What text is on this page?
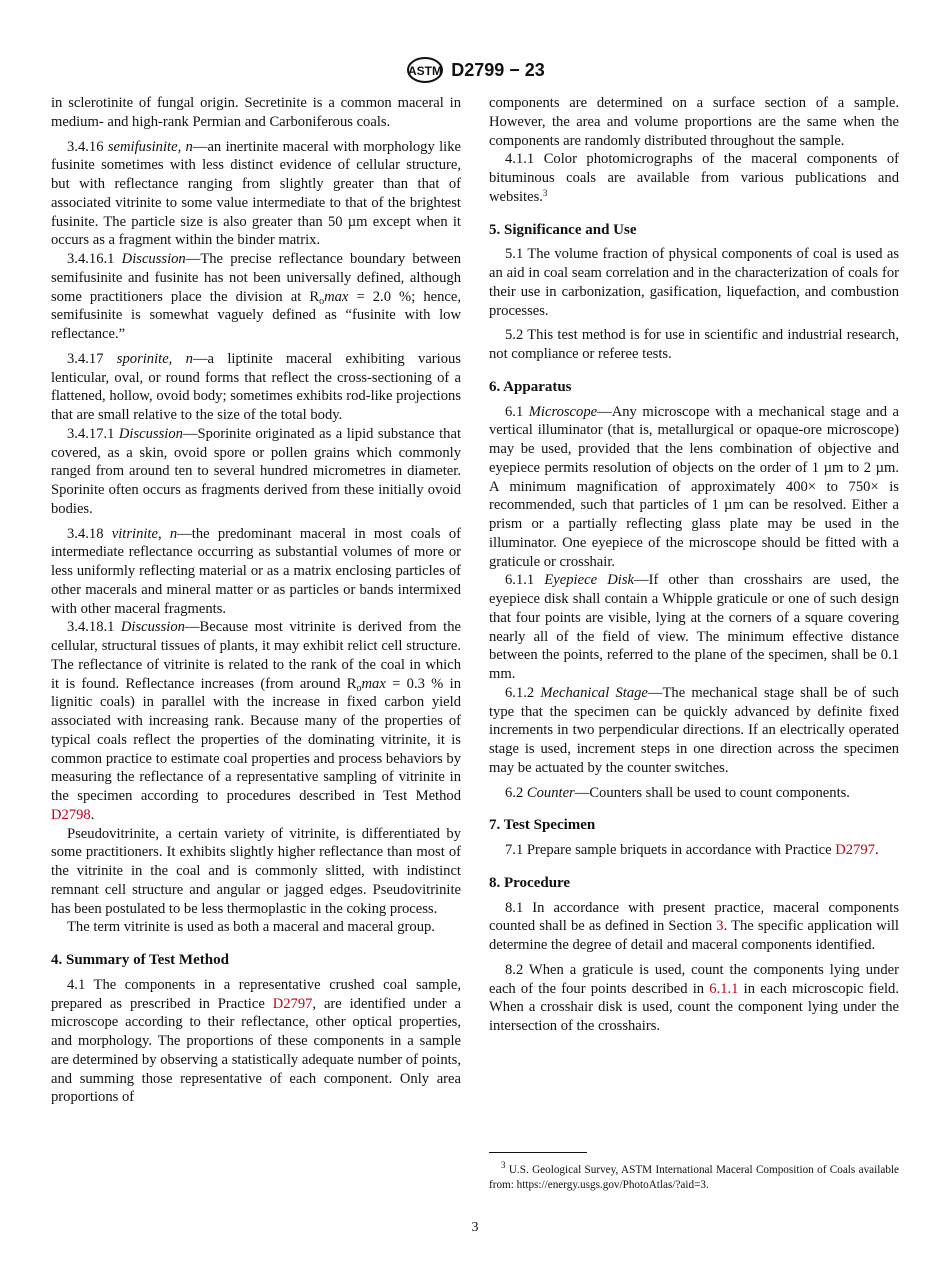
ASTM D2799 − 23

in sclerotinite of fungal origin. Secretinite is a common maceral in medium- and high-rank Permian and Carboniferous coals.

3.4.16 semifusinite, n—an inertinite maceral with morphology like fusinite sometimes with less distinct evidence of cellular structure, but with reflectance ranging from slightly greater than that of associated vitrinite to some value intermediate to that of the brightest fusinite. The particle size is also greater than 50 µm except when it occurs as a fragment within the binder matrix.

3.4.16.1 Discussion—The precise reflectance boundary between semifusinite and fusinite has not been universally defined, although some practitioners place the division at $R_o\max = 2.0$ %; hence, semifusinite is somewhat vaguely defined as “fusinite with low reflectance.”

3.4.17 sporinite, n—a liptinite maceral exhibiting various lenticular, oval, or round forms that reflect the cross-sectioning of a flattened, hollow, ovoid body; sometimes exhibits rod-like projections that are small relative to the size of the total body.

3.4.17.1 Discussion—Sporinite originated as a lipid substance that covered, as a skin, ovoid spore or pollen grains which commonly ranged from around ten to several hundred micrometres in diameter. Sporinite often occurs as fragments derived from these initially ovoid bodies.

3.4.18 vitrinite, n—the predominant maceral in most coals of intermediate reflectance occurring as substantial volumes of more or less uniformly reflecting material or as a matrix enclosing particles of other macerals and mineral matter or as particles or bands intermixed with other maceral fragments.

3.4.18.1 Discussion—Because most vitrinite is derived from the cellular, structural tissues of plants, it may exhibit relict cell structure. The reflectance of vitrinite is related to the rank of the coal in which it is found. Reflectance increases (from around $R_o\max = 0.3$ % in lignitic coals) in parallel with the increase in fixed carbon yield associated with increasing rank. Because many of the properties of typical coals reflect the properties of the dominating vitrinite, it is common practice to estimate coal properties and process behaviors by measuring the reflectance of a representative sampling of vitrinite in the specimen according to procedures described in Test Method D2798.

Pseudovitrinite, a certain variety of vitrinite, is differentiated by some practitioners. It exhibits slightly higher reflectance than most of the vitrinite in the coal and is commonly slitted, with indistinct remnant cell structure and angular or jagged edges. Pseudovitrinite has been postulated to be less thermoplastic in the coking process.

The term vitrinite is used as both a maceral and maceral group.

4. Summary of Test Method

4.1 The components in a representative crushed coal sample, prepared as prescribed in Practice D2797, are identified under a microscope according to their reflectance, other optical properties, and morphology. The proportions of these components in a sample are determined by observing a statistically adequate number of points, and summing those representative of each component. Only area proportions of

components are determined on a surface section of a sample. However, the area and volume proportions are the same when the components are randomly distributed throughout the sample.

4.1.1 Color photomicrographs of the maceral components of bituminous coals are available from various publications and websites.$^3$

5. Significance and Use

5.1 The volume fraction of physical components of coal is used as an aid in coal seam correlation and in the characterization of coals for their use in carbonization, gasification, liquefaction, and combustion processes.

5.2 This test method is for use in scientific and industrial research, not compliance or referee tests.

6. Apparatus

6.1 Microscope—Any microscope with a mechanical stage and a vertical illuminator (that is, metallurgical or opaque-ore microscope) may be used, provided that the lens combination of objective and eyepiece permits resolution of objects on the order of 1 µm to 2 µm. A minimum magnification of approximately 400× to 750× is recommended, such that particles of 1 µm can be resolved. Either a prism or a partially reflecting glass plate may be used in the illuminator. One eyepiece of the microscope should be fitted with a graticule or crosshair.

6.1.1 Eyepiece Disk—If other than crosshairs are used, the eyepiece disk shall contain a Whipple graticule or one of such design that four points are visible, lying at the corners of a square covering nearly all of the field of view. The minimum effective distance between the points, referred to the plane of the specimen, shall be 0.1 mm.

6.1.2 Mechanical Stage—The mechanical stage shall be of such type that the specimen can be quickly advanced by definite fixed increments in two perpendicular directions. If an electrically operated stage is used, increment steps in one direction across the specimen may be actuated by the counter switches.

6.2 Counter—Counters shall be used to count components.

7. Test Specimen

7.1 Prepare sample briquets in accordance with Practice D2797.

8. Procedure

8.1 In accordance with present practice, maceral components counted shall be as defined in Section 3. The specific application will determine the degree of detail and maceral components identified.

8.2 When a graticule is used, count the components lying under each of the four points described in 6.1.1 in each microscopic field. When a crosshair disk is used, count the component lying under the intersection of the crosshairs.

$^3$ U.S. Geological Survey, ASTM International Maceral Composition of Coals available from: https://energy.usgs.gov/PhotoAtlas/?aid=3.

3
